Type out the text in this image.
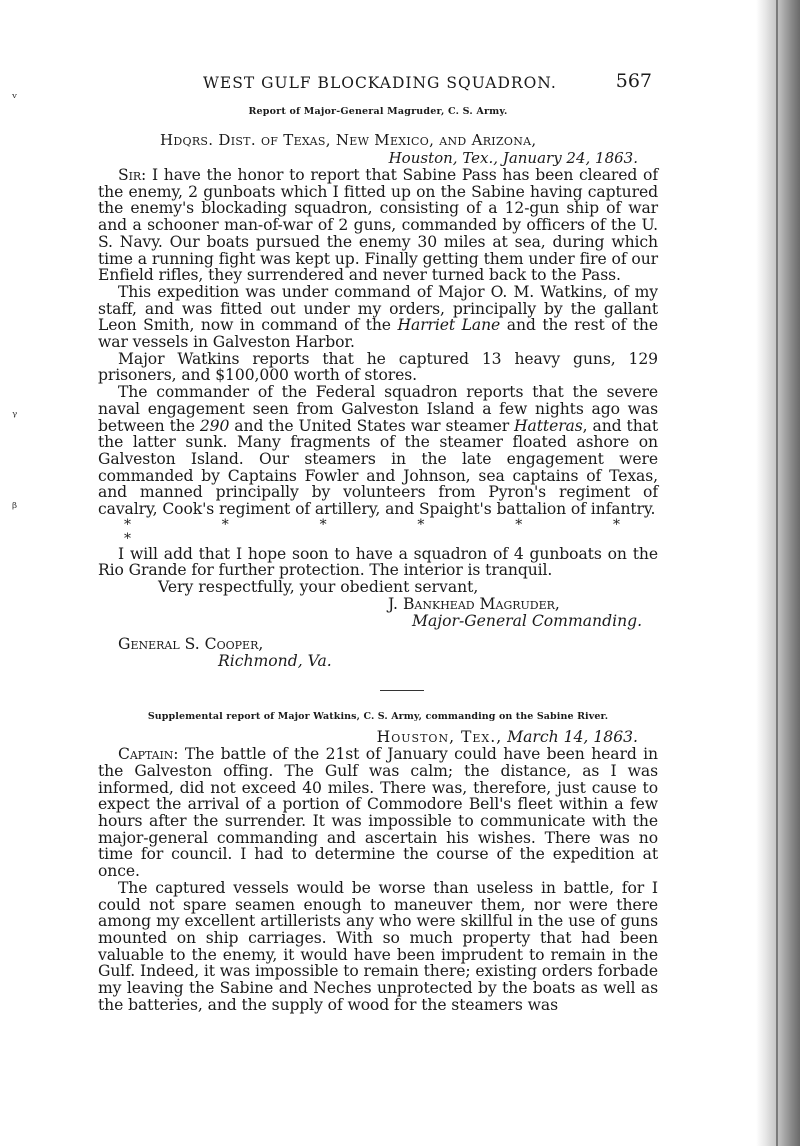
ᵥ
ᵧ
ᵦ
WEST GULF BLOCKADING SQUADRON.	567
Report of Major-General Magruder, C. S. Army.
Hdqrs. Dist. of Texas, New Mexico, and Arizona,
Houston, Tex., January 24, 1863.

Sir: I have the honor to report that Sabine Pass has been cleared of the enemy, 2 gunboats which I fitted up on the Sabine having captured the enemy's blockading squadron, consisting of a 12-gun ship of war and a schooner man-of-war of 2 guns, commanded by officers of the U. S. Navy. Our boats pursued the enemy 30 miles at sea, during which time a running fight was kept up. Finally getting them under fire of our Enfield rifles, they surrendered and never turned back to the Pass.

This expedition was under command of Major O. M. Watkins, of my staff, and was fitted out under my orders, principally by the gallant Leon Smith, now in command of the Harriet Lane and the rest of the war vessels in Galveston Harbor.

Major Watkins reports that he captured 13 heavy guns, 129 prisoners, and $100,000 worth of stores.

The commander of the Federal squadron reports that the severe naval engagement seen from Galveston Island a few nights ago was between the 290 and the United States war steamer Hatteras, and that the latter sunk. Many fragments of the steamer floated ashore on Galveston Island. Our steamers in the late engagement were commanded by Captains Fowler and Johnson, sea captains of Texas, and manned principally by volunteers from Pyron's regiment of cavalry, Cook's regiment of artillery, and Spaight's battalion of infantry.

* * * * * * *

I will add that I hope soon to have a squadron of 4 gunboats on the Rio Grande for further protection. The interior is tranquil.

Very respectfully, your obedient servant,
J. Bankhead Magruder,
Major-General Commanding.
General S. Cooper,
Richmond, Va.
Supplemental report of Major Watkins, C. S. Army, commanding on the Sabine River.
Houston, Tex., March 14, 1863.

Captain: The battle of the 21st of January could have been heard in the Galveston offing. The Gulf was calm; the distance, as I was informed, did not exceed 40 miles. There was, therefore, just cause to expect the arrival of a portion of Commodore Bell's fleet within a few hours after the surrender. It was impossible to communicate with the major-general commanding and ascertain his wishes. There was no time for council. I had to determine the course of the expedition at once.

The captured vessels would be worse than useless in battle, for I could not spare seamen enough to maneuver them, nor were there among my excellent artillerists any who were skillful in the use of guns mounted on ship carriages. With so much property that had been valuable to the enemy, it would have been imprudent to remain in the Gulf. Indeed, it was impossible to remain there; existing orders forbade my leaving the Sabine and Neches unprotected by the boats as well as the batteries, and the supply of wood for the steamers was
